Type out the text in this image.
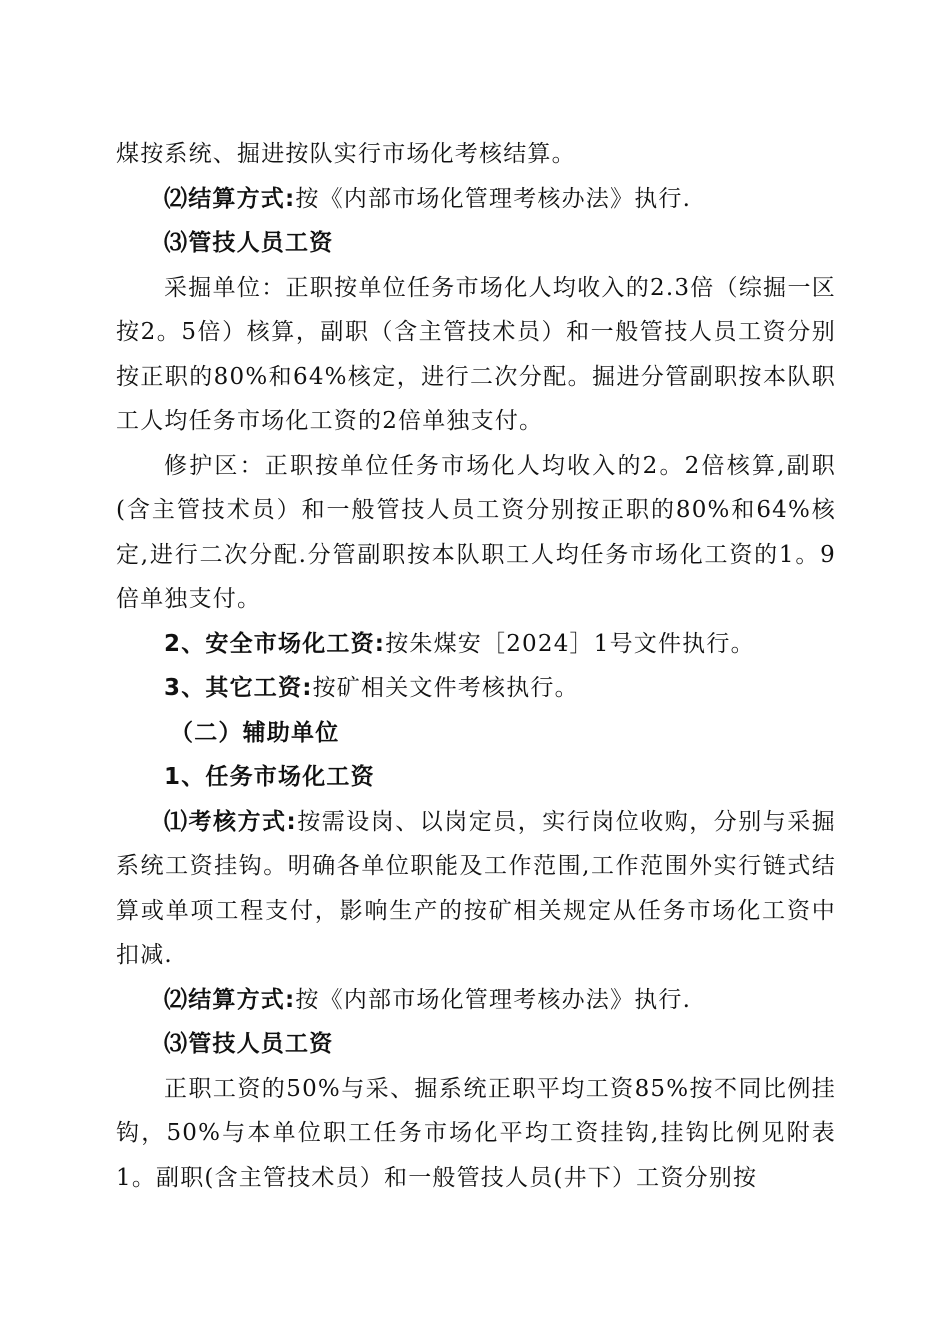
煤按系统、掘进按队实行市场化考核结算。

⑵结算方式:按《内部市场化管理考核办法》执行.

⑶管技人员工资

采掘单位：正职按单位任务市场化人均收入的2.3倍（综掘一区按2。5倍）核算，副职（含主管技术员）和一般管技人员工资分别按正职的80%和64%核定，进行二次分配。掘进分管副职按本队职工人均任务市场化工资的2倍单独支付。

修护区：正职按单位任务市场化人均收入的2。2倍核算,副职(含主管技术员）和一般管技人员工资分别按正职的80%和64%核定,进行二次分配.分管副职按本队职工人均任务市场化工资的1。9倍单独支付。

2、安全市场化工资:按朱煤安［2024］1号文件执行。

3、其它工资:按矿相关文件考核执行。

（二）辅助单位

1、任务市场化工资

⑴考核方式:按需设岗、以岗定员，实行岗位收购，分别与采掘系统工资挂钩。明确各单位职能及工作范围,工作范围外实行链式结算或单项工程支付，影响生产的按矿相关规定从任务市场化工资中扣减.

⑵结算方式:按《内部市场化管理考核办法》执行.

⑶管技人员工资

正职工资的50%与采、掘系统正职平均工资85%按不同比例挂钩，50%与本单位职工任务市场化平均工资挂钩,挂钩比例见附表1。副职(含主管技术员）和一般管技人员(井下）工资分别按
